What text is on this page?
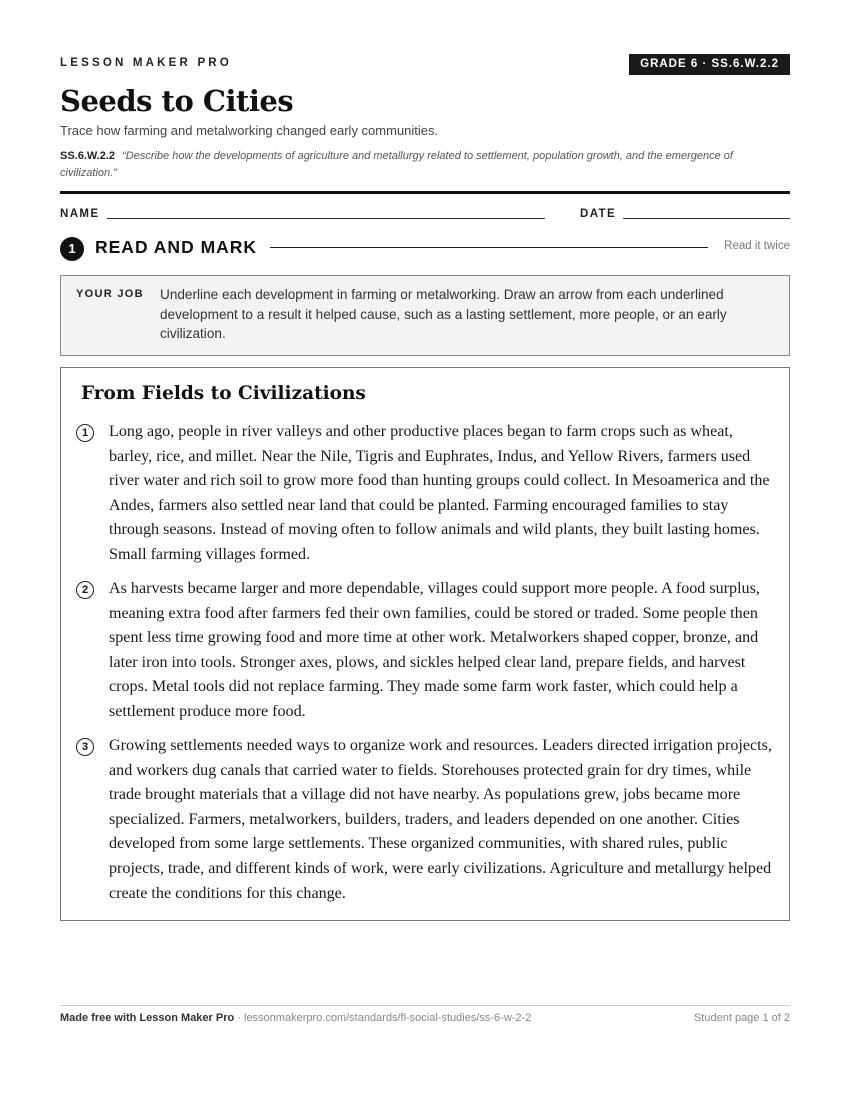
LESSON MAKER PRO	GRADE 6 · SS.6.W.2.2
Seeds to Cities
Trace how farming and metalworking changed early communities.
SS.6.W.2.2 “Describe how the developments of agriculture and metallurgy related to settlement, population growth, and the emergence of civilization.”
NAME	DATE
1	READ AND MARK	Read it twice
YOUR JOB Underline each development in farming or metalworking. Draw an arrow from each underlined development to a result it helped cause, such as a lasting settlement, more people, or an early civilization.
From Fields to Civilizations
1	Long ago, people in river valleys and other productive places began to farm crops such as wheat, barley, rice, and millet. Near the Nile, Tigris and Euphrates, Indus, and Yellow Rivers, farmers used river water and rich soil to grow more food than hunting groups could collect. In Mesoamerica and the Andes, farmers also settled near land that could be planted. Farming encouraged families to stay through seasons. Instead of moving often to follow animals and wild plants, they built lasting homes. Small farming villages formed.

2	As harvests became larger and more dependable, villages could support more people. A food surplus, meaning extra food after farmers fed their own families, could be stored or traded. Some people then spent less time growing food and more time at other work. Metalworkers shaped copper, bronze, and later iron into tools. Stronger axes, plows, and sickles helped clear land, prepare fields, and harvest crops. Metal tools did not replace farming. They made some farm work faster, which could help a settlement produce more food.

3	Growing settlements needed ways to organize work and resources. Leaders directed irrigation projects, and workers dug canals that carried water to fields. Storehouses protected grain for dry times, while trade brought materials that a village did not have nearby. As populations grew, jobs became more specialized. Farmers, metalworkers, builders, traders, and leaders depended on one another. Cities developed from some large settlements. These organized communities, with shared rules, public projects, trade, and different kinds of work, were early civilizations. Agriculture and metallurgy helped create the conditions for this change.

Made free with Lesson Maker Pro · lessonmakerpro.com/standards/fl-social-studies/ss-6-w-2-2	Student page 1 of 2
